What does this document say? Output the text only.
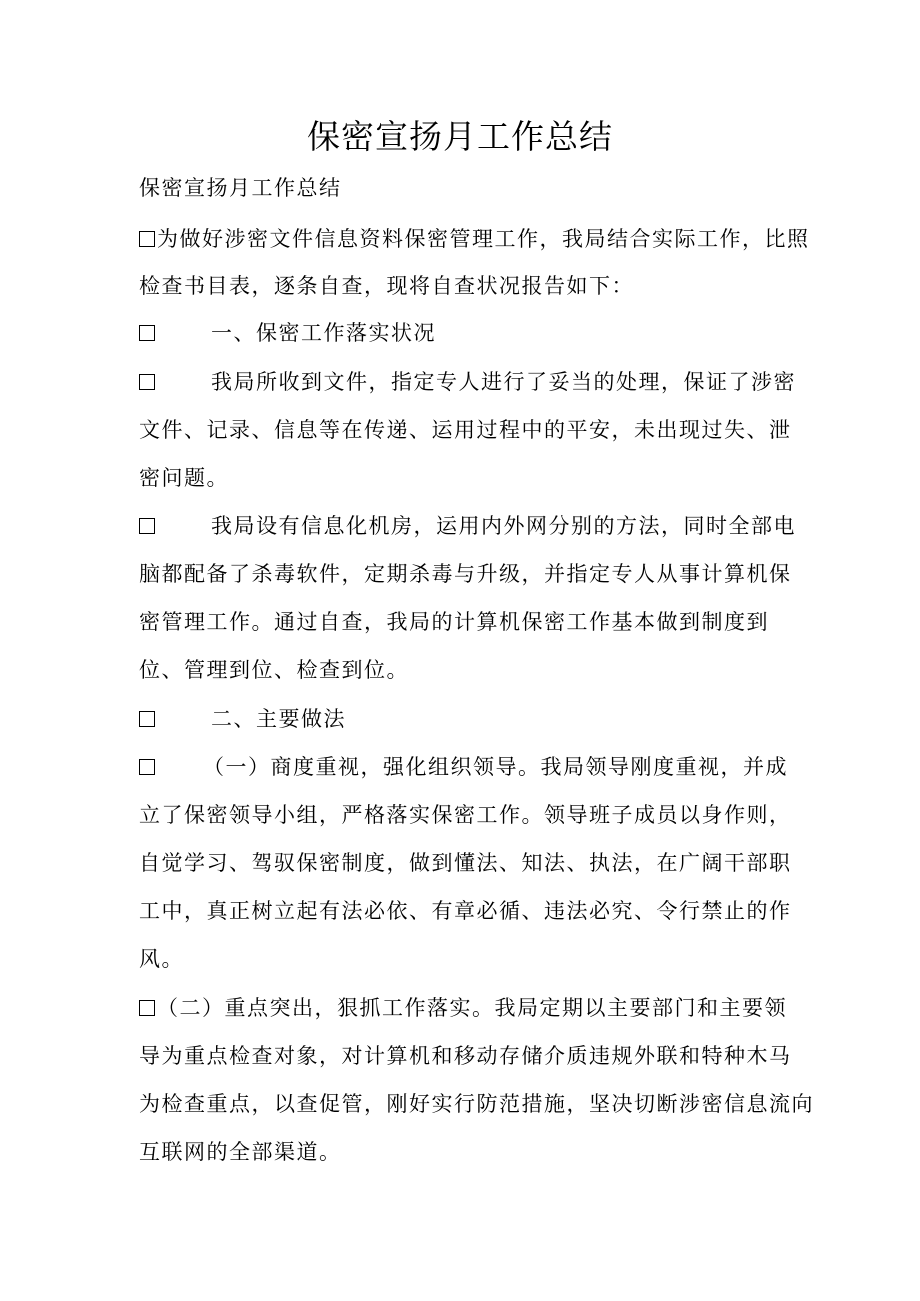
保密宣扬月工作总结
保密宣扬月工作总结
为做好涉密文件信息资料保密管理工作，我局结合实际工作，比照
检查书目表，逐条自查，现将自查状况报告如下：
一、保密工作落实状况
我局所收到文件，指定专人进行了妥当的处理，保证了涉密
文件、记录、信息等在传递、运用过程中的平安，未出现过失、泄
密问题。
我局设有信息化机房，运用内外网分别的方法，同时全部电
脑都配备了杀毒软件，定期杀毒与升级，并指定专人从事计算机保
密管理工作。通过自查，我局的计算机保密工作基本做到制度到
位、管理到位、检查到位。
二、主要做法
（一）商度重视，强化组织领导。我局领导刚度重视，并成
立了保密领导小组，严格落实保密工作。领导班子成员以身作则，
自觉学习、驾驭保密制度，做到懂法、知法、执法，在广阔干部职
工中，真正树立起有法必依、有章必循、违法必究、令行禁止的作
风。
（二）重点突出，狠抓工作落实。我局定期以主要部门和主要领
导为重点检查对象，对计算机和移动存储介质违规外联和特种木马
为检查重点，以查促管，刚好实行防范措施，坚决切断涉密信息流向
互联网的全部渠道。
